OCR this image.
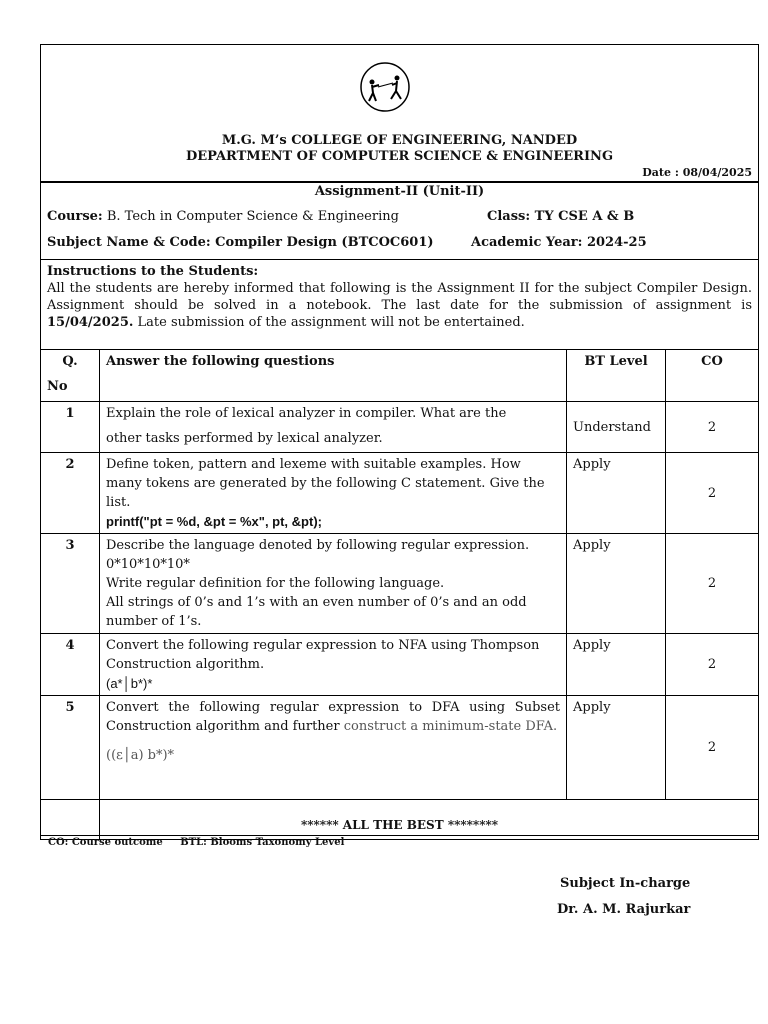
M.G. M’s COLLEGE OF ENGINEERING, NANDED
DEPARTMENT OF COMPUTER SCIENCE & ENGINEERING
Date : 08/04/2025
Assignment-II (Unit-II)
Course: B. Tech in Computer Science & Engineering	Class: TY CSE A & B
Subject Name & Code: Compiler Design (BTCOC601)	Academic Year: 2024-25
Instructions to the Students:
All the students are hereby informed that following is the Assignment II for the subject Compiler Design. Assignment should be solved in a notebook. The last date for the submission of assignment is 15/04/2025. Late submission of the assignment will not be entertained.
Q.
No	Answer the following questions	BT Level	CO
1	Explain the role of lexical analyzer in compiler. What are the
other tasks performed by lexical analyzer.	Understand	2
2	Define token, pattern and lexeme with suitable examples. How many tokens are generated by the following C statement. Give the list.
printf("pt = %d, &pt = %x", pt, &pt);	Apply	2
3	Describe the language denoted by following regular expression.
0*10*10*10*
Write regular definition for the following language.
All strings of 0’s and 1’s with an even number of 0’s and an odd number of 1’s.	Apply	2
4	Convert the following regular expression to NFA using Thompson Construction algorithm.
(a*│b*)*	Apply	2
5	Convert the following regular expression to DFA using Subset Construction algorithm and further construct a minimum-state DFA.
((ε│a) b*)*	Apply	2

****** ALL THE BEST ********
CO: Course outcome BTL: Blooms Taxonomy Level
Subject In-charge
Dr. A. M. Rajurkar
